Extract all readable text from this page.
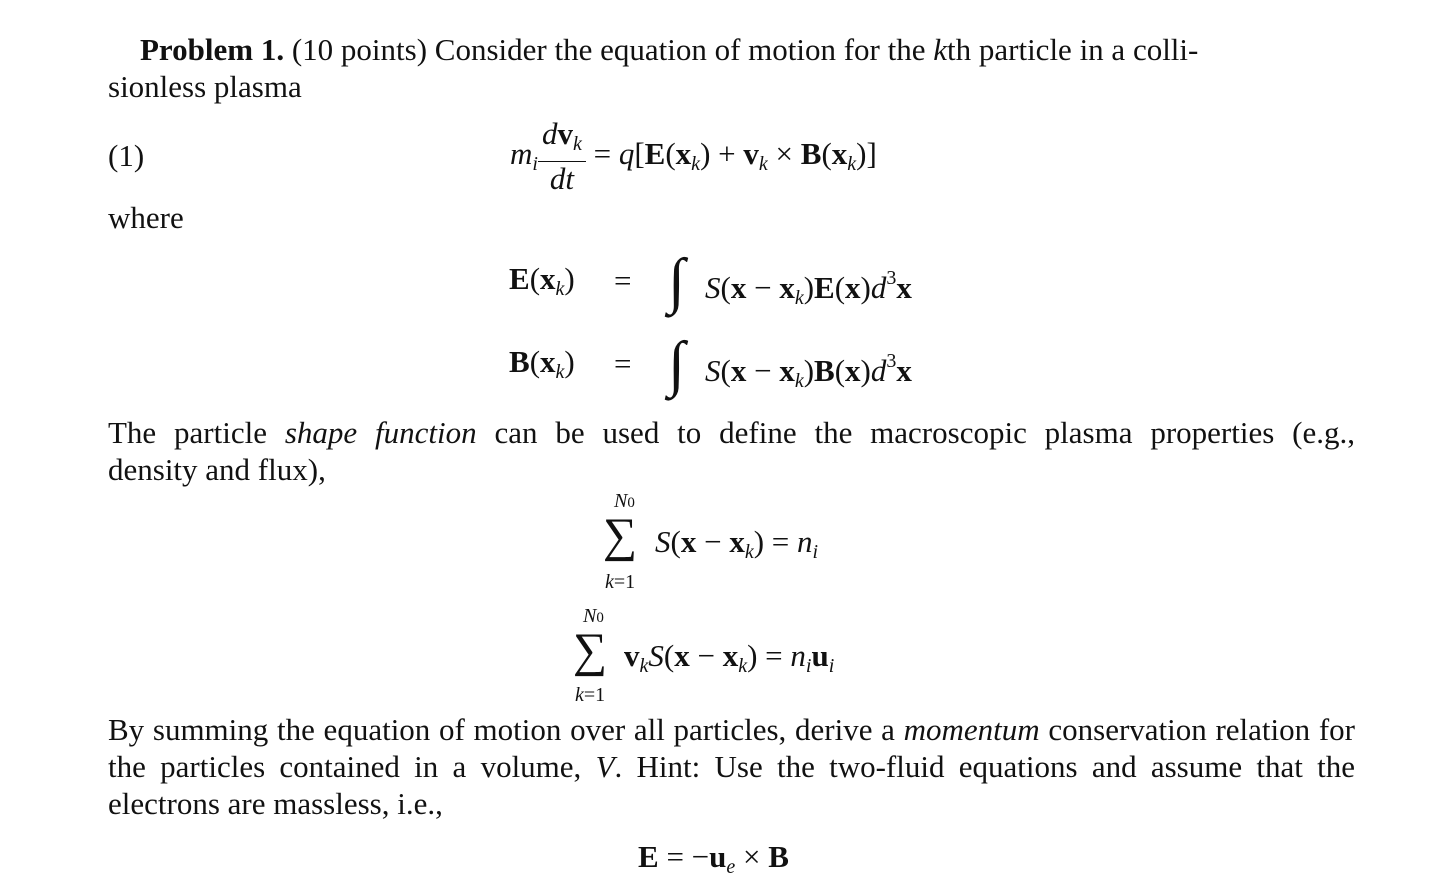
Problem 1. (10 points) Consider the equation of motion for the kth particle in a colli-
sionless plasma
(1)	$m_i \frac{dv_k}{dt} = q[E(x_k) + v_k \times B(x_k)]$
where
$E(x_k)$ = ∫ $S(x - x_k)E(x)d^3x$
$B(x_k)$ = ∫ $S(x - x_k)B(x)d^3x$
The particle shape function can be used to define the macroscopic plasma properties (e.g.,
density and flux),
N0
∑
k=1
$S(x - x_k) = n_i$
N0
∑
k=1
$v_kS(x - x_k) = n_iu_i$
By summing the equation of motion over all particles, derive a momentum conservation relation for the particles contained in a volume, V. Hint: Use the two-fluid equations and assume that the electrons are massless, i.e.,
$E = -u_e \times B$
